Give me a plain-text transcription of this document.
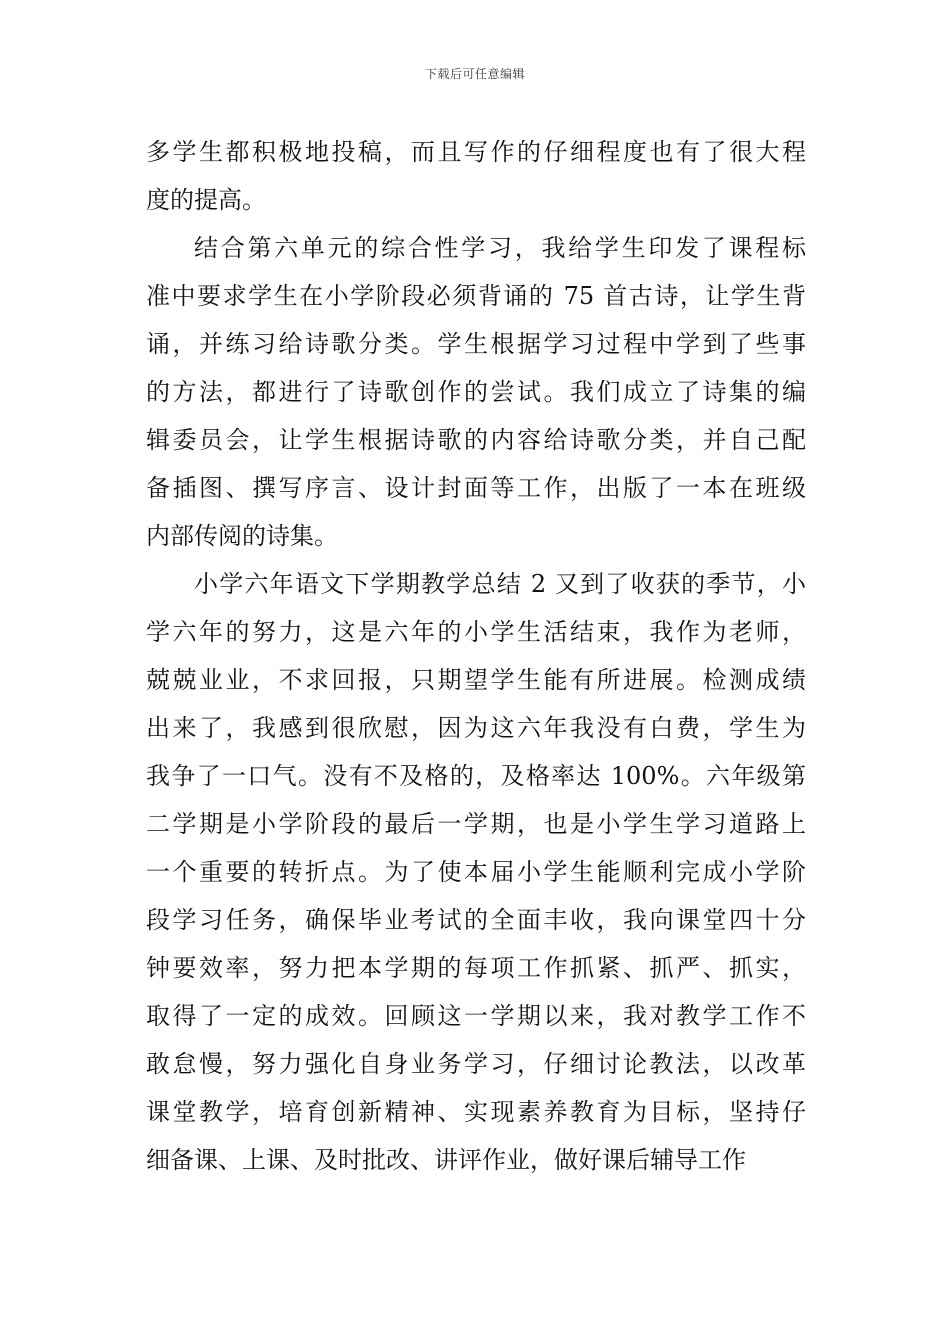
下载后可任意编辑
多学生都积极地投稿，而且写作的仔细程度也有了很大程
度的提高。
结合第六单元的综合性学习，我给学生印发了课程标
准中要求学生在小学阶段必须背诵的 75 首古诗，让学生背
诵，并练习给诗歌分类。学生根据学习过程中学到了些事
的方法，都进行了诗歌创作的尝试。我们成立了诗集的编
辑委员会，让学生根据诗歌的内容给诗歌分类，并自己配
备插图、撰写序言、设计封面等工作，出版了一本在班级
内部传阅的诗集。
小学六年语文下学期教学总结 2 又到了收获的季节，小
学六年的努力，这是六年的小学生活结束，我作为老师，
兢兢业业，不求回报，只期望学生能有所进展。检测成绩
出来了，我感到很欣慰，因为这六年我没有白费，学生为
我争了一口气。没有不及格的，及格率达 100%。六年级第
二学期是小学阶段的最后一学期，也是小学生学习道路上
一个重要的转折点。为了使本届小学生能顺利完成小学阶
段学习任务，确保毕业考试的全面丰收，我向课堂四十分
钟要效率，努力把本学期的每项工作抓紧、抓严、抓实，
取得了一定的成效。回顾这一学期以来，我对教学工作不
敢怠慢，努力强化自身业务学习，仔细讨论教法，以改革
课堂教学，培育创新精神、实现素养教育为目标，坚持仔
细备课、上课、及时批改、讲评作业，做好课后辅导工作
